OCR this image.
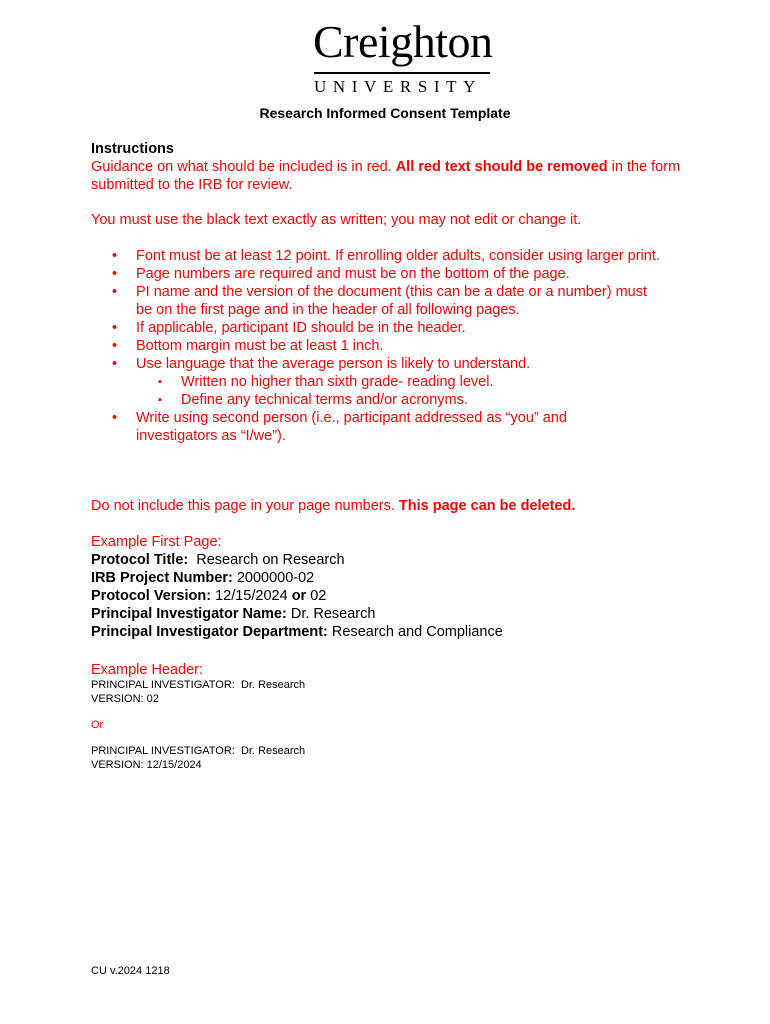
Creighton
UNIVERSITY
Research Informed Consent Template
Instructions
Guidance on what should be included is in red. All red text should be removed in the form submitted to the IRB for review.
You must use the black text exactly as written; you may not edit or change it.
• Font must be at least 12 point. If enrolling older adults, consider using larger print.
• Page numbers are required and must be on the bottom of the page.
• PI name and the version of the document (this can be a date or a number) must be on the first page and in the header of all following pages.
• If applicable, participant ID should be in the header.
• Bottom margin must be at least 1 inch.
• Use language that the average person is likely to understand.
▪ Written no higher than sixth grade- reading level.
▪ Define any technical terms and/or acronyms.
• Write using second person (i.e., participant addressed as “you” and investigators as “I/we”).
Do not include this page in your page numbers. This page can be deleted.
Example First Page:
Protocol Title:  Research on Research
IRB Project Number: 2000000-02
Protocol Version: 12/15/2024 or 02
Principal Investigator Name: Dr. Research
Principal Investigator Department: Research and Compliance
Example Header:
PRINCIPAL INVESTIGATOR:  Dr. Research
VERSION: 02
Or
PRINCIPAL INVESTIGATOR:  Dr. Research
VERSION: 12/15/2024
CU v.2024 1218
